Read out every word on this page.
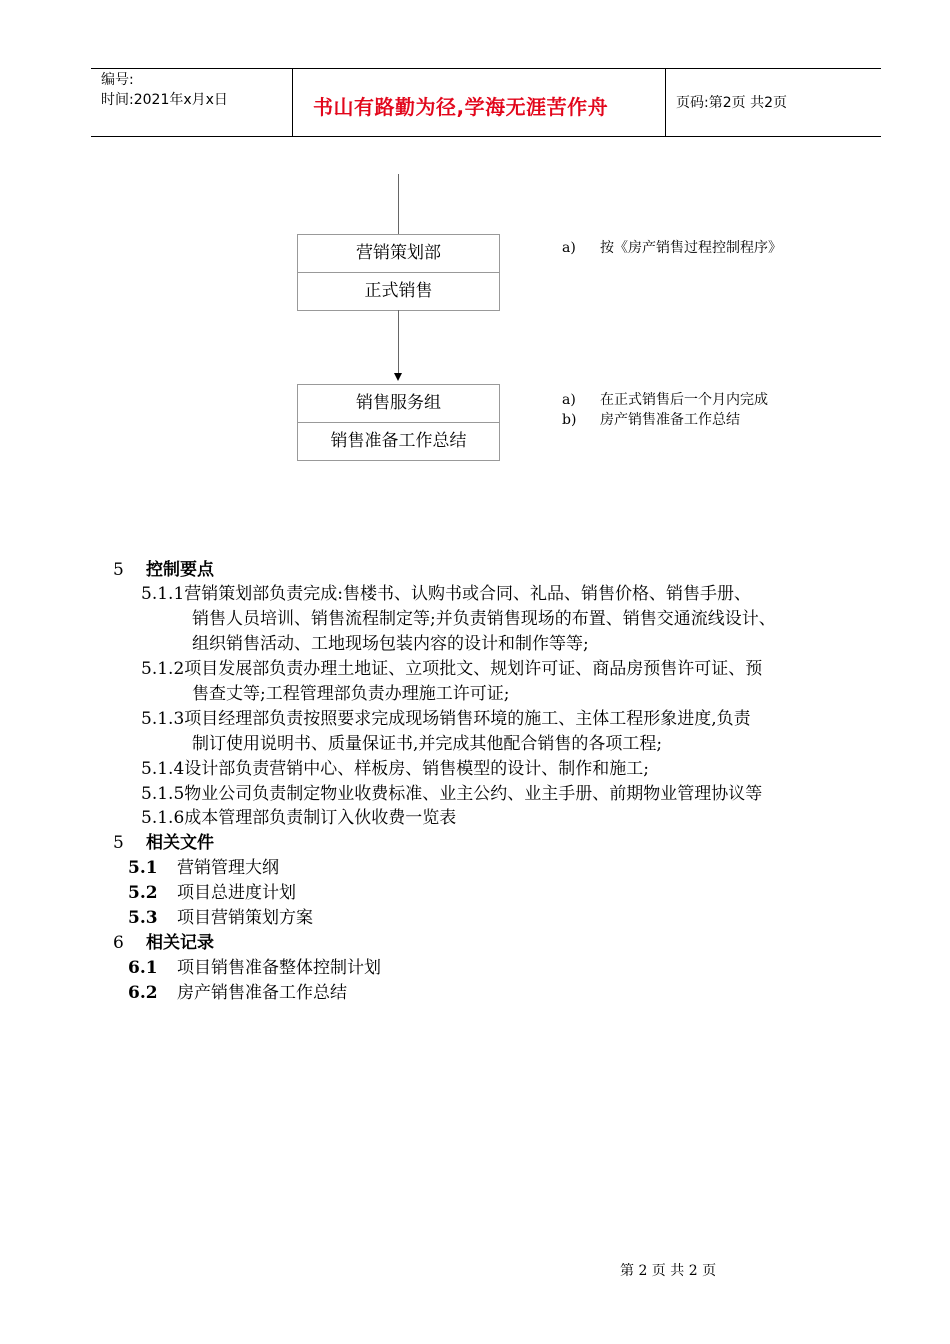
编号:
时间:2021年x月x日	书山有路勤为径,学海无涯苦作舟	页码:第2页 共2页
营销策划部
正式销售
销售服务组
销售准备工作总结
a) 按《房产销售过程控制程序》
a) 在正式销售后一个月内完成
b) 房产销售准备工作总结
5 控制要点
5.1.1营销策划部负责完成:售楼书、认购书或合同、礼品、销售价格、销售手册、
销售人员培训、销售流程制定等;并负责销售现场的布置、销售交通流线设计、
组织销售活动、工地现场包装内容的设计和制作等等;
5.1.2项目发展部负责办理土地证、立项批文、规划许可证、商品房预售许可证、预
售查丈等;工程管理部负责办理施工许可证;
5.1.3项目经理部负责按照要求完成现场销售环境的施工、主体工程形象进度,负责
制订使用说明书、质量保证书,并完成其他配合销售的各项工程;
5.1.4设计部负责营销中心、样板房、销售模型的设计、制作和施工;
5.1.5物业公司负责制定物业收费标准、业主公约、业主手册、前期物业管理协议等
5.1.6成本管理部负责制订入伙收费一览表
5 相关文件
5.1 营销管理大纲
5.2 项目总进度计划
5.3 项目营销策划方案
6 相关记录
6.1 项目销售准备整体控制计划
6.2 房产销售准备工作总结
第 2 页 共 2 页
